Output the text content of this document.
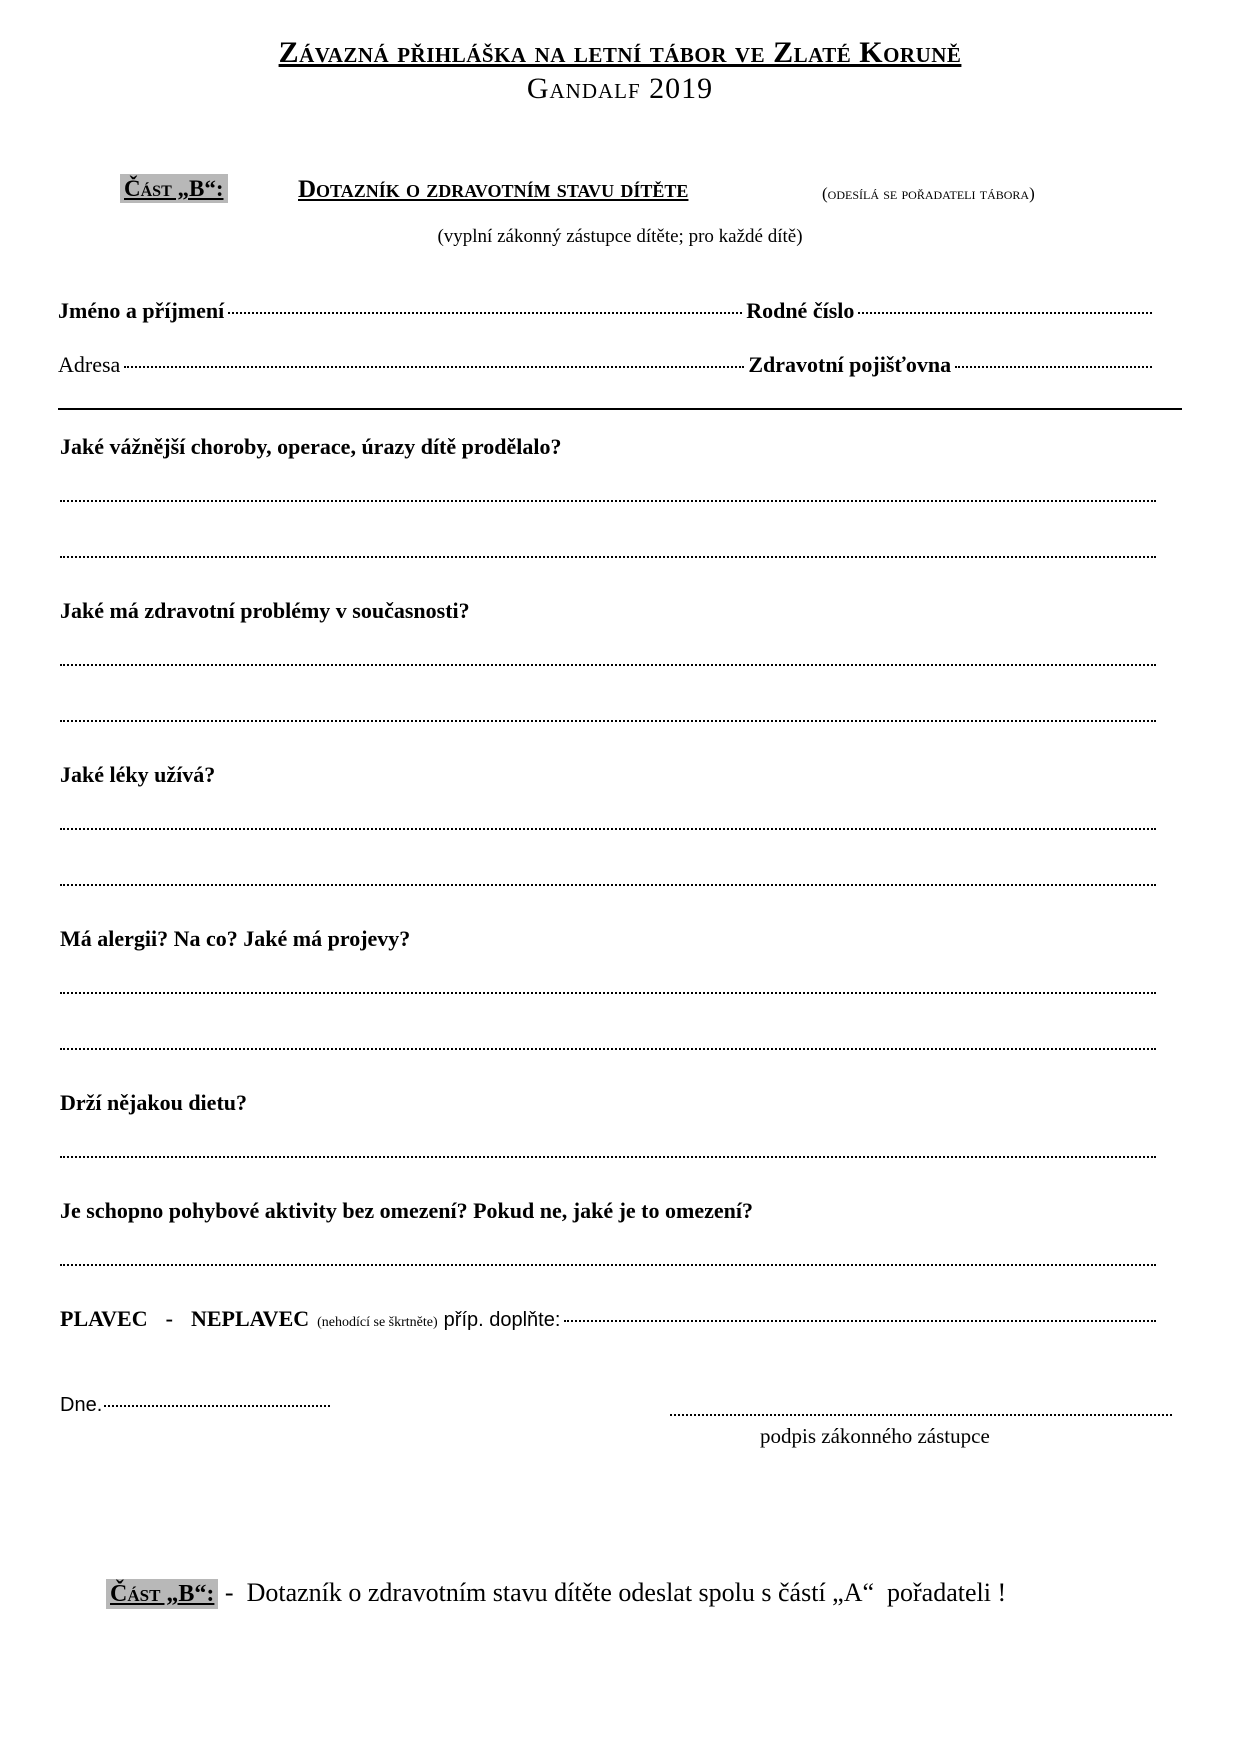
Závazná přihláška na letní tábor ve Zlaté Koruně
Gandalf 2019
Část „B“:	Dotazník o zdravotním stavu dítěte	(odesílá se pořadateli tábora)
(vyplní zákonný zástupce dítěte; pro každé dítě)
Jméno a příjmení	Rodné číslo
Adresa	Zdravotní pojišťovna
Jaké vážnější choroby, operace, úrazy dítě prodělalo?
Jaké má zdravotní problémy v současnosti?
Jaké léky užívá?
Má alergii? Na co? Jaké má projevy?
Drží nějakou dietu?
Je schopno pohybové aktivity bez omezení? Pokud ne, jaké je to omezení?
PLAVEC - NEPLAVEC (nehodící se škrtněte) příp. doplňte:
Dne.
podpis zákonného zástupce
Část „B“: -  Dotazník o zdravotním stavu dítěte odeslat spolu s částí „A“  pořadateli !
